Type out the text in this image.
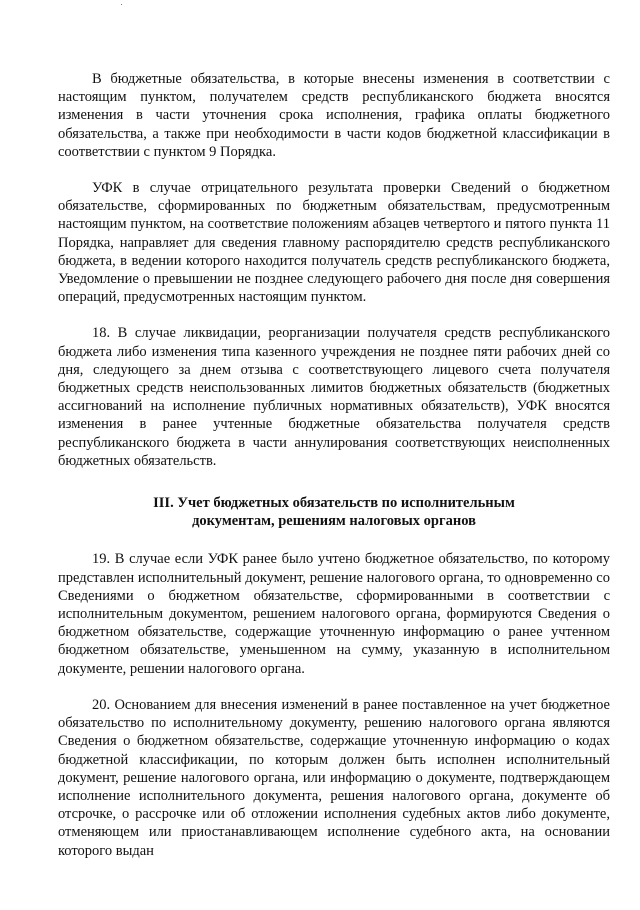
В бюджетные обязательства, в которые внесены изменения в соответствии с настоящим пунктом, получателем средств республиканского бюджета вносятся изменения в части уточнения срока исполнения, графика оплаты бюджетного обязательства, а также при необходимости в части кодов бюджетной классификации в соответствии с пунктом 9 Порядка.

УФК в случае отрицательного результата проверки Сведений о бюджетном обязательстве, сформированных по бюджетным обязательствам, предусмотренным настоящим пунктом, на соответствие положениям абзацев четвертого и пятого пункта 11 Порядка, направляет для сведения главному распорядителю средств республиканского бюджета, в ведении которого находится получатель средств республиканского бюджета, Уведомление о превышении не позднее следующего рабочего дня после дня совершения операций, предусмотренных настоящим пунктом.

18. В случае ликвидации, реорганизации получателя средств республиканского бюджета либо изменения типа казенного учреждения не позднее пяти рабочих дней со дня, следующего за днем отзыва с соответствующего лицевого счета получателя бюджетных средств неиспользованных лимитов бюджетных обязательств (бюджетных ассигнований на исполнение публичных нормативных обязательств), УФК вносятся изменения в ранее учтенные бюджетные обязательства получателя средств республиканского бюджета в части аннулирования соответствующих неисполненных бюджетных обязательств.

III. Учет бюджетных обязательств по исполнительным
документам, решениям налоговых органов

19. В случае если УФК ранее было учтено бюджетное обязательство, по которому представлен исполнительный документ, решение налогового органа, то одновременно со Сведениями о бюджетном обязательстве, сформированными в соответствии с исполнительным документом, решением налогового органа, формируются Сведения о бюджетном обязательстве, содержащие уточненную информацию о ранее учтенном бюджетном обязательстве, уменьшенном на сумму, указанную в исполнительном документе, решении налогового органа.

20. Основанием для внесения изменений в ранее поставленное на учет бюджетное обязательство по исполнительному документу, решению налогового органа являются Сведения о бюджетном обязательстве, содержащие уточненную информацию о кодах бюджетной классификации, по которым должен быть исполнен исполнительный документ, решение налогового органа, или информацию о документе, подтверждающем исполнение исполнительного документа, решения налогового органа, документе об отсрочке, о рассрочке или об отложении исполнения судебных актов либо документе, отменяющем или приостанавливающем исполнение судебного акта, на основании которого выдан
